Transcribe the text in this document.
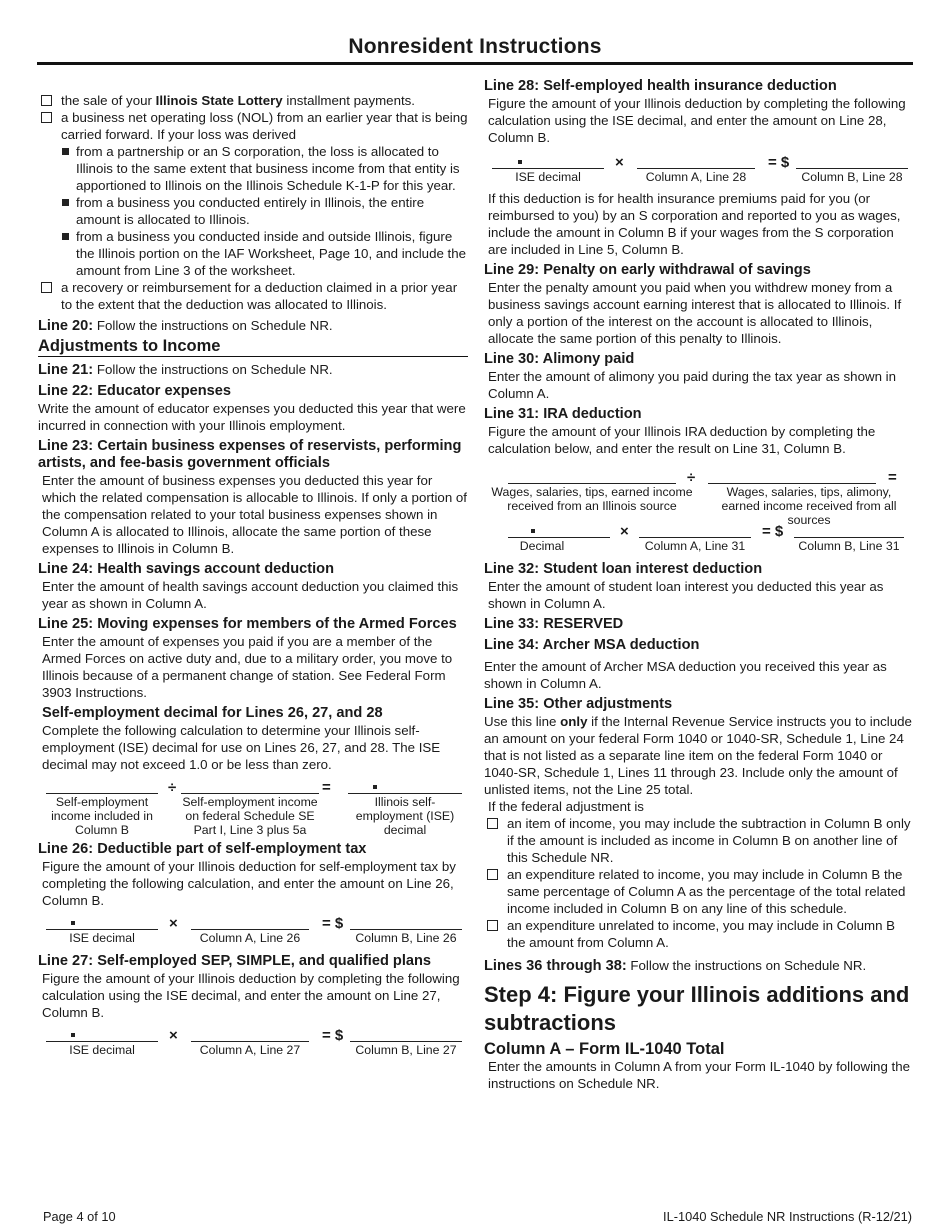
Nonresident Instructions

the sale of your Illinois State Lottery installment payments.

a business net operating loss (NOL) from an earlier year that is being carried forward. If your loss was derived

from a partnership or an S corporation, the loss is allocated to Illinois to the same extent that business income from that entity is apportioned to Illinois on the Illinois Schedule K-1-P for this year.

from a business you conducted entirely in Illinois, the entire amount is allocated to Illinois.

from a business you conducted inside and outside Illinois, figure the Illinois portion on the IAF Worksheet, Page 10, and include the amount from Line 3 of the worksheet.

a recovery or reimbursement for a deduction claimed in a prior year to the extent that the deduction was allocated to Illinois.

Line 20: Follow the instructions on Schedule NR.

Adjustments to Income

Line 21: Follow the instructions on Schedule NR.

Line 22: Educator expenses

Write the amount of educator expenses you deducted this year that were incurred in connection with your Illinois employment.

Line 23: Certain business expenses of reservists, performing artists, and fee-basis government officials

Enter the amount of business expenses you deducted this year for which the related compensation is allocable to Illinois. If only a portion of the compensation related to your total business expenses shown in Column A is allocated to Illinois, allocate the same portion of these expenses to Illinois in Column B.

Line 24: Health savings account deduction

Enter the amount of health savings account deduction you claimed this year as shown in Column A.

Line 25: Moving expenses for members of the Armed Forces

Enter the amount of expenses you paid if you are a member of the Armed Forces on active duty and, due to a military order, you move to Illinois because of a permanent change of station. See Federal Form 3903 Instructions.

Self-employment decimal for Lines 26, 27, and 28

Complete the following calculation to determine your Illinois self-employment (ISE) decimal for use on Lines 26, 27, and 28. The ISE decimal may not exceed 1.0 or be less than zero.

Self-employment income included in Column B
÷
Self-employment income on federal Schedule SE Part I, Line 3 plus 5a
=
Illinois self-employment (ISE) decimal

Line 26: Deductible part of self-employment tax

Figure the amount of your Illinois deduction for self-employment tax by completing the following calculation, and enter the amount on Line 26, Column B.

ISE decimal
×
Column A, Line 26
= $
Column B, Line 26

Line 27: Self-employed SEP, SIMPLE, and qualified plans

Figure the amount of your Illinois deduction by completing the following calculation using the ISE decimal, and enter the amount on Line 27, Column B.

ISE decimal
×
Column A, Line 27
= $
Column B, Line 27

Line 28: Self-employed health insurance deduction

Figure the amount of your Illinois deduction by completing the following calculation using the ISE decimal, and enter the amount on Line 28, Column B.

ISE decimal
×
Column A, Line 28
= $
Column B, Line 28

If this deduction is for health insurance premiums paid for you (or reimbursed to you) by an S corporation and reported to you as wages, include the amount in Column B if your wages from the S corporation are included in Line 5, Column B.

Line 29: Penalty on early withdrawal of savings

Enter the penalty amount you paid when you withdrew money from a business savings account earning interest that is allocated to Illinois. If only a portion of the interest on the account is allocated to Illinois, allocate the same portion of this penalty to Illinois.

Line 30: Alimony paid

Enter the amount of alimony you paid during the tax year as shown in Column A.

Line 31: IRA deduction

Figure the amount of your Illinois IRA deduction by completing the calculation below, and enter the result on Line 31, Column B.

Wages, salaries, tips, earned income received from an Illinois source
÷
Wages, salaries, tips, alimony, earned income received from all sources
=
Decimal
×
Column A, Line 31
= $
Column B, Line 31

Line 32: Student loan interest deduction

Enter the amount of student loan interest you deducted this year as shown in Column A.

Line 33: RESERVED

Line 34: Archer MSA deduction

Enter the amount of Archer MSA deduction you received this year as shown in Column A.

Line 35: Other adjustments

Use this line only if the Internal Revenue Service instructs you to include an amount on your federal Form 1040 or 1040-SR, Schedule 1, Line 24 that is not listed as a separate line item on the federal Form 1040 or 1040-SR, Schedule 1, Lines 11 through 23. Include only the amount of unlisted items, not the Line 25 total.

If the federal adjustment is

an item of income, you may include the subtraction in Column B only if the amount is included as income in Column B on another line of this Schedule NR.

an expenditure related to income, you may include in Column B the same percentage of Column A as the percentage of the total related income included in Column B on any line of this schedule.

an expenditure unrelated to income, you may include in Column B the amount from Column A.

Lines 36 through 38: Follow the instructions on Schedule NR.

Step 4: Figure your Illinois additions and subtractions

Column A – Form IL-1040 Total

Enter the amounts in Column A from your Form IL-1040 by following the instructions on Schedule NR.

Page 4 of 10	IL-1040 Schedule NR Instructions (R-12/21)
